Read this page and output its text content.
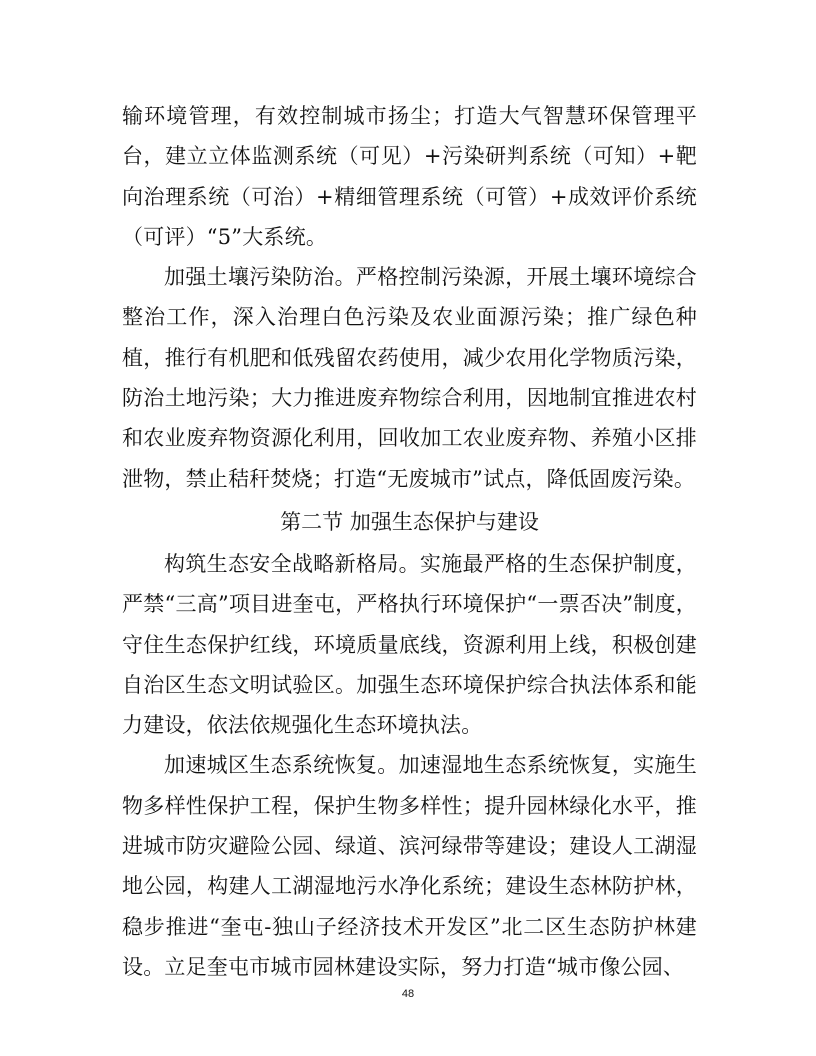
输环境管理，有效控制城市扬尘；打造大气智慧环保管理平台，建立立体监测系统（可见）+污染研判系统（可知）+靶向治理系统（可治）+精细管理系统（可管）+成效评价系统（可评）“5”大系统。

加强土壤污染防治。严格控制污染源，开展土壤环境综合整治工作，深入治理白色污染及农业面源污染；推广绿色种植，推行有机肥和低残留农药使用，减少农用化学物质污染，防治土地污染；大力推进废弃物综合利用，因地制宜推进农村和农业废弃物资源化利用，回收加工农业废弃物、养殖小区排泄物，禁止秸秆焚烧；打造“无废城市”试点，降低固废污染。

第二节 加强生态保护与建设

构筑生态安全战略新格局。实施最严格的生态保护制度，严禁“三高”项目进奎屯，严格执行环境保护“一票否决”制度，守住生态保护红线，环境质量底线，资源利用上线，积极创建自治区生态文明试验区。加强生态环境保护综合执法体系和能力建设，依法依规强化生态环境执法。

加速城区生态系统恢复。加速湿地生态系统恢复，实施生物多样性保护工程，保护生物多样性；提升园林绿化水平，推进城市防灾避险公园、绿道、滨河绿带等建设；建设人工湖湿地公园，构建人工湖湿地污水净化系统；建设生态林防护林，稳步推进“奎屯-独山子经济技术开发区”北二区生态防护林建设。立足奎屯市城市园林建设实际，努力打造“城市像公园、

48
